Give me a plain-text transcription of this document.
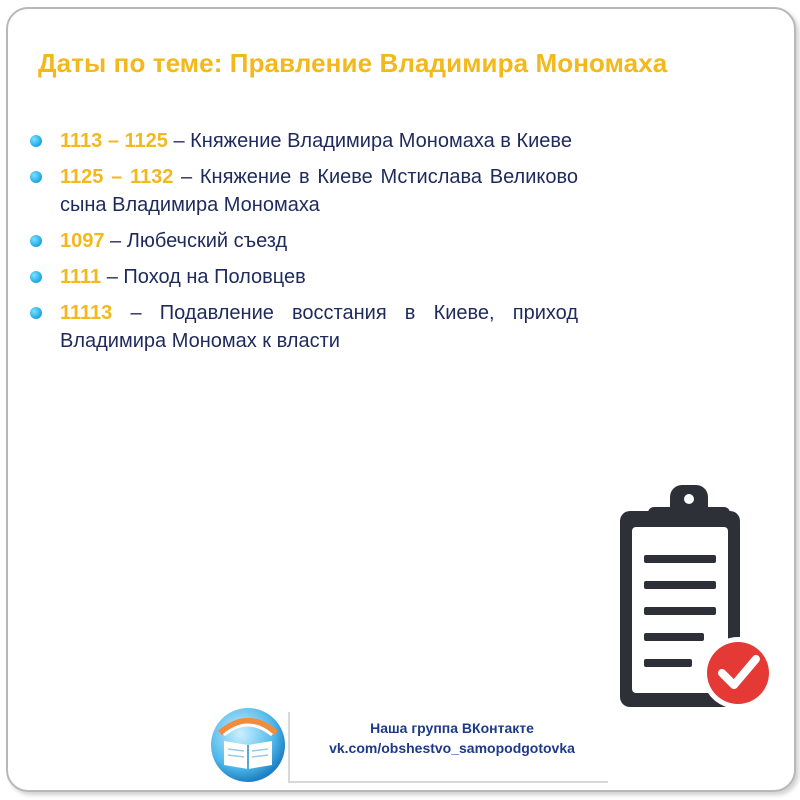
Даты по теме: Правление Владимира Мономаха
1113 – 1125 – Княжение Владимира Мономаха в Киеве
1125 – 1132 – Княжение в Киеве Мстислава Великово сына Владимира Мономаха
1097 – Любечский съезд
1111 – Поход на Половцев
11113 – Подавление восстания в Киеве, приход Владимира Мономах к власти
Наша группа ВКонтакте
vk.com/obshestvo_samopodgotovka
